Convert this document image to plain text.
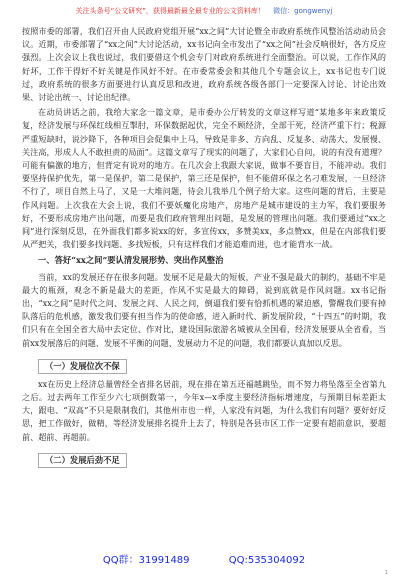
关注头条号“公文研究”，获得最新最全最专业的公文资料库！ 微信：gongwenyj

按照市委的部署，我们召开由人民政府党组开展“xx之间”大讨论暨全市政府系统作风整治活动动员会议。近期，市委部署了“xx之间”大讨论活动，xx书记向全市发出了“xx之间”社会反响很好，各方反应强烈。上次会议上我也说过，我们要借这个机会专门对政府系统进行全面整治。可以说，工作作风的好坏，工作干得好不好关键是作风好不好。在市委常委会和其他几个专题会议上，xx书记也专门说过，政府系统的很多方面要进行认真反思和改进，政府系统各级各部门一定要深入讨论、讨论出效果、讨论出统一、讨论出纪律。

在动员讲话之前，我给大家念一篇文章，是市委办公厅转发的文章这样写道“某地多年来政策反复，经济发展与环保红线相互掣肘，环保数据起伏，完全不顾经济，全部干死，经济严重下行；税源严重短缺时，说沙降下，各种项目会促集中上马，导致是非多、方向乱、反复多、动荡大、发展慢、关注高，形成人人不敢担责的局面”。这篇文章写了现实的问题了，大家们心自问，说的有没有道理？可能有偏激的地方，但背定有说对的地方。在几次会上我跟大家说，做事不要盲目，不能冲动。我们要坚持保护优先，第一是保护，第二是保护，第三还是保护，但不能借环保之名刁难发展，一旦经济不行了，项目自然上马了，又是一大堆问题，待会儿我举几个例子给大家。这些问题的背后，主要是作风问题。上次我在大会上说，我们不要妖魔化房地产，房地产是城市建设的主力军，我们要服务好，不要形成房地产出问题，而要是我们政府管理出问题，是发展的管理出问题。我们要通过“xx之间”进行深刻反思，在外面我们都多说xx的好，多宣传xx，多赞美xx，多点赞xx，但是在内部我们要从严把关，我们要多找问题、多找短板，只有这样我们才能追难而进，也才能背水一战。

一、答好“xx之间”要认清发展形势、突出作风整治

当前，xx的发展还存在很多问题。发展不足是最大的短板，产业不强是最大的制约，基础不牢是最大的瓶颈，观念不新是最大的差距，作风不实是最大的障碍，说到底就是作风问题。xx书记指出，“xx之间”是时代之问、发展之问、人民之问，倒逼我们要有恰抓机遇的紧迫感，警醒我们要有掉队落后的危机感，激发我们要有担当作为的使命感，进入新时代、新发展阶段，“十四五”的时期，我们只有在全国全省大局中去定位、作对比，建设国际旅游名城被从全国看，经济发展要从全省看，当前xx发展落后的问题、发展不平衡的问题、发展动力不足的问题，我们都要认真加以反思。

（一）发展位次不保

xx在历史上经济总量曾经全省排名居前，现在排在第五还福越跳坠，而不努力将坠落至全省第九之后。过去两年工作至少六七项倒数第一，今年x—x季度主要经济指标增速度，与預期目标差距太大，跟电、“双高”不只是限制我们，其他州市也一样，人家没有问题，为什么我们有问题？要好好反思，把工作做好，做精，等经济发展排名提升上去了，特别是各县市区工作一定要有超前意识，要超前、超前、再超前。

（二）发展后劲不足
QQ群：31991489	QQ:535304092
1
